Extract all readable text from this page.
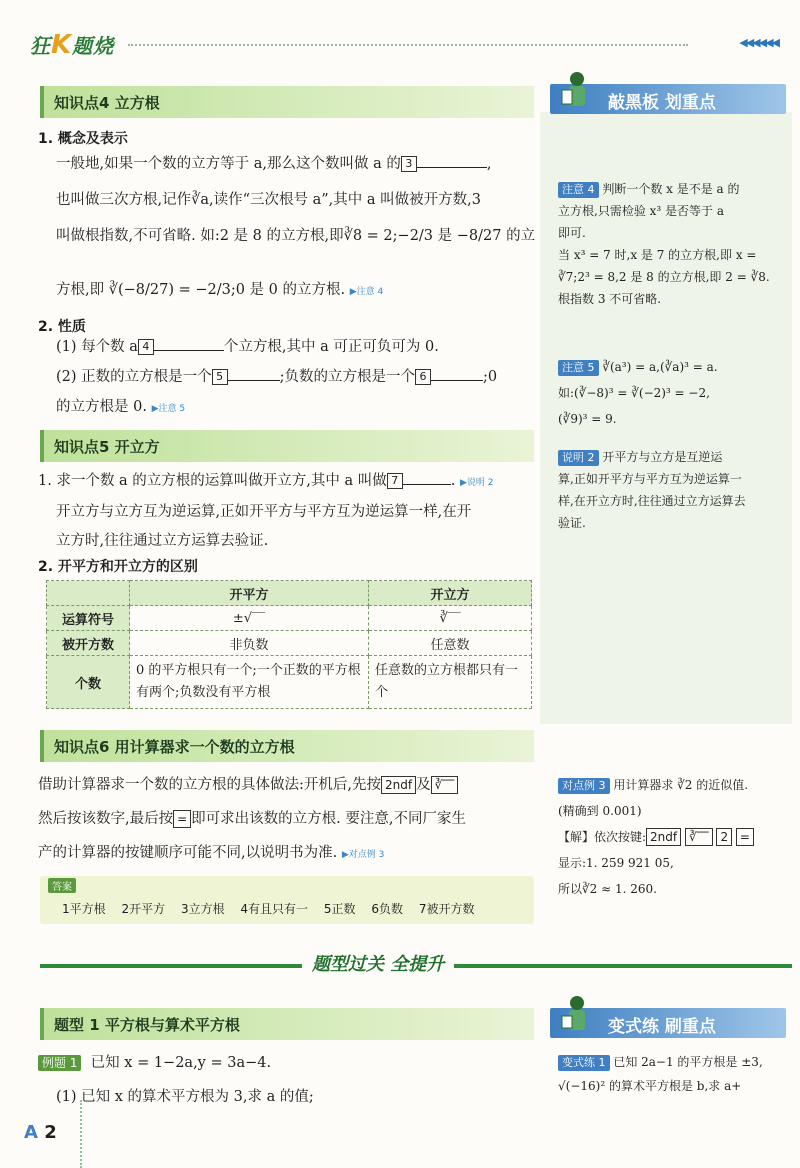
狂K题烧	◀◀◀◀◀◀
知识点4 立方根
1. 概念及表示
一般地,如果一个数的立方等于 a,那么这个数叫做 a 的 3	,
也叫做三次方根,记作∛a,读作“三次根号 a”,其中 a 叫做被开方数,3
叫做根指数,不可省略. 如:2 是 8 的立方根,即∛8 = 2;−2/3 是 −8/27 的立
方根,即 ∛(−8/27) = −2/3;0 是 0 的立方根. ▶注意 4
2. 性质
(1) 每个数 a 4	个立方根,其中 a 可正可负可为 0.
(2) 正数的立方根是一个 5	;负数的立方根是一个 6	;0
的立方根是 0. ▶注意 5
知识点5 开立方
1. 求一个数 a 的立方根的运算叫做开立方,其中 a 叫做 7	. ▶说明 2
开立方与立方互为逆运算,正如开平方与平方互为逆运算一样,在开
立方时,往往通过立方运算去验证.
2. 开平方和开立方的区别
	开平方	开立方
运算符号	±√‾‾	∛‾‾
被开方数	非负数	任意数
个数	0 的平方根只有一个;一个正数的平方根有两个;负数没有平方根	任意数的立方根都只有一个
知识点6 用计算器求一个数的立方根
借助计算器求一个数的立方根的具体做法:开机后,先按 2ndf 及 ∛‾‾
然后按该数字,最后按 = 即可求出该数的立方根. 要注意,不同厂家生
产的计算器的按键顺序可能不同,以说明书为准. ▶对点例 3
答案
1平方根 2开平方 3立方根 4有且只有一 5正数 6负数 7被开方数
敲黑板 划重点
注意 4 判断一个数 x 是不是 a 的
立方根,只需检验 x³ 是否等于 a
即可.
当 x³ = 7 时,x 是 7 的立方根,即 x =
∛7;2³ = 8,2 是 8 的立方根,即 2 = ∛8.
根指数 3 不可省略.
注意 5 ∛(a³) = a,(∛a)³ = a.
如:(∛−8)³ = ∛(−2)³ = −2,
(∛9)³ = 9.
说明 2 开平方与立方是互逆运
算,正如开平方与平方互为逆运算一
样,在开立方时,往往通过立方运算去
验证.
对点例 3 用计算器求 ∛2 的近似值.
(精确到 0.001)
【解】依次按键: 2ndf ∛‾‾ 2 =
显示:1. 259 921 05,
所以∛2 ≈ 1. 260.
题型过关 全提升
题型 1 平方根与算术平方根
例题 1 已知 x = 1−2a,y = 3a−4.
(1) 已知 x 的算术平方根为 3,求 a 的值;
变式练 刷重点
变式练 1 已知 2a−1 的平方根是 ±3,
√(−16)² 的算术平方根是 b,求 a+
A 2
